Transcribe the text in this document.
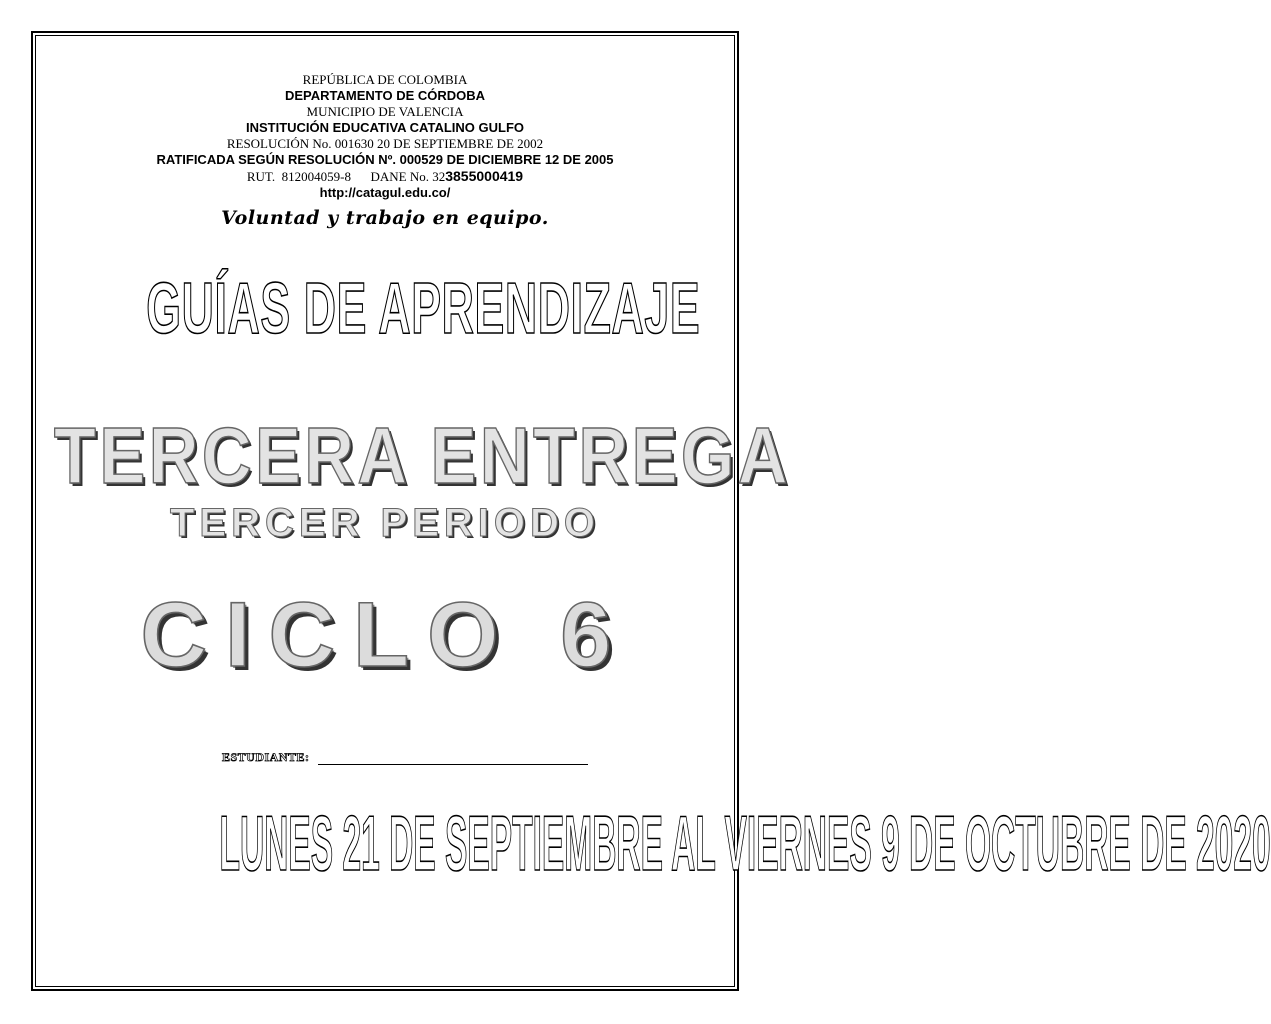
REPÚBLICA DE COLOMBIA
DEPARTAMENTO DE CÓRDOBA
MUNICIPIO DE VALENCIA
INSTITUCIÓN EDUCATIVA CATALINO GULFO
RESOLUCIÓN No. 001630 20 DE SEPTIEMBRE DE 2002
RATIFICADA SEGÚN RESOLUCIÓN Nº. 000529 DE DICIEMBRE 12 DE 2005
RUT.  812004059-8      DANE No. 323855000419
http://catagul.edu.co/
Voluntad y trabajo en equipo.
GUÍAS DE APRENDIZAJE
TERCERA ENTREGA
TERCER PERIODO
CICLO 6
ESTUDIANTE:
LUNES 21 DE SEPTIEMBRE AL VIERNES 9 DE OCTUBRE DE 2020
